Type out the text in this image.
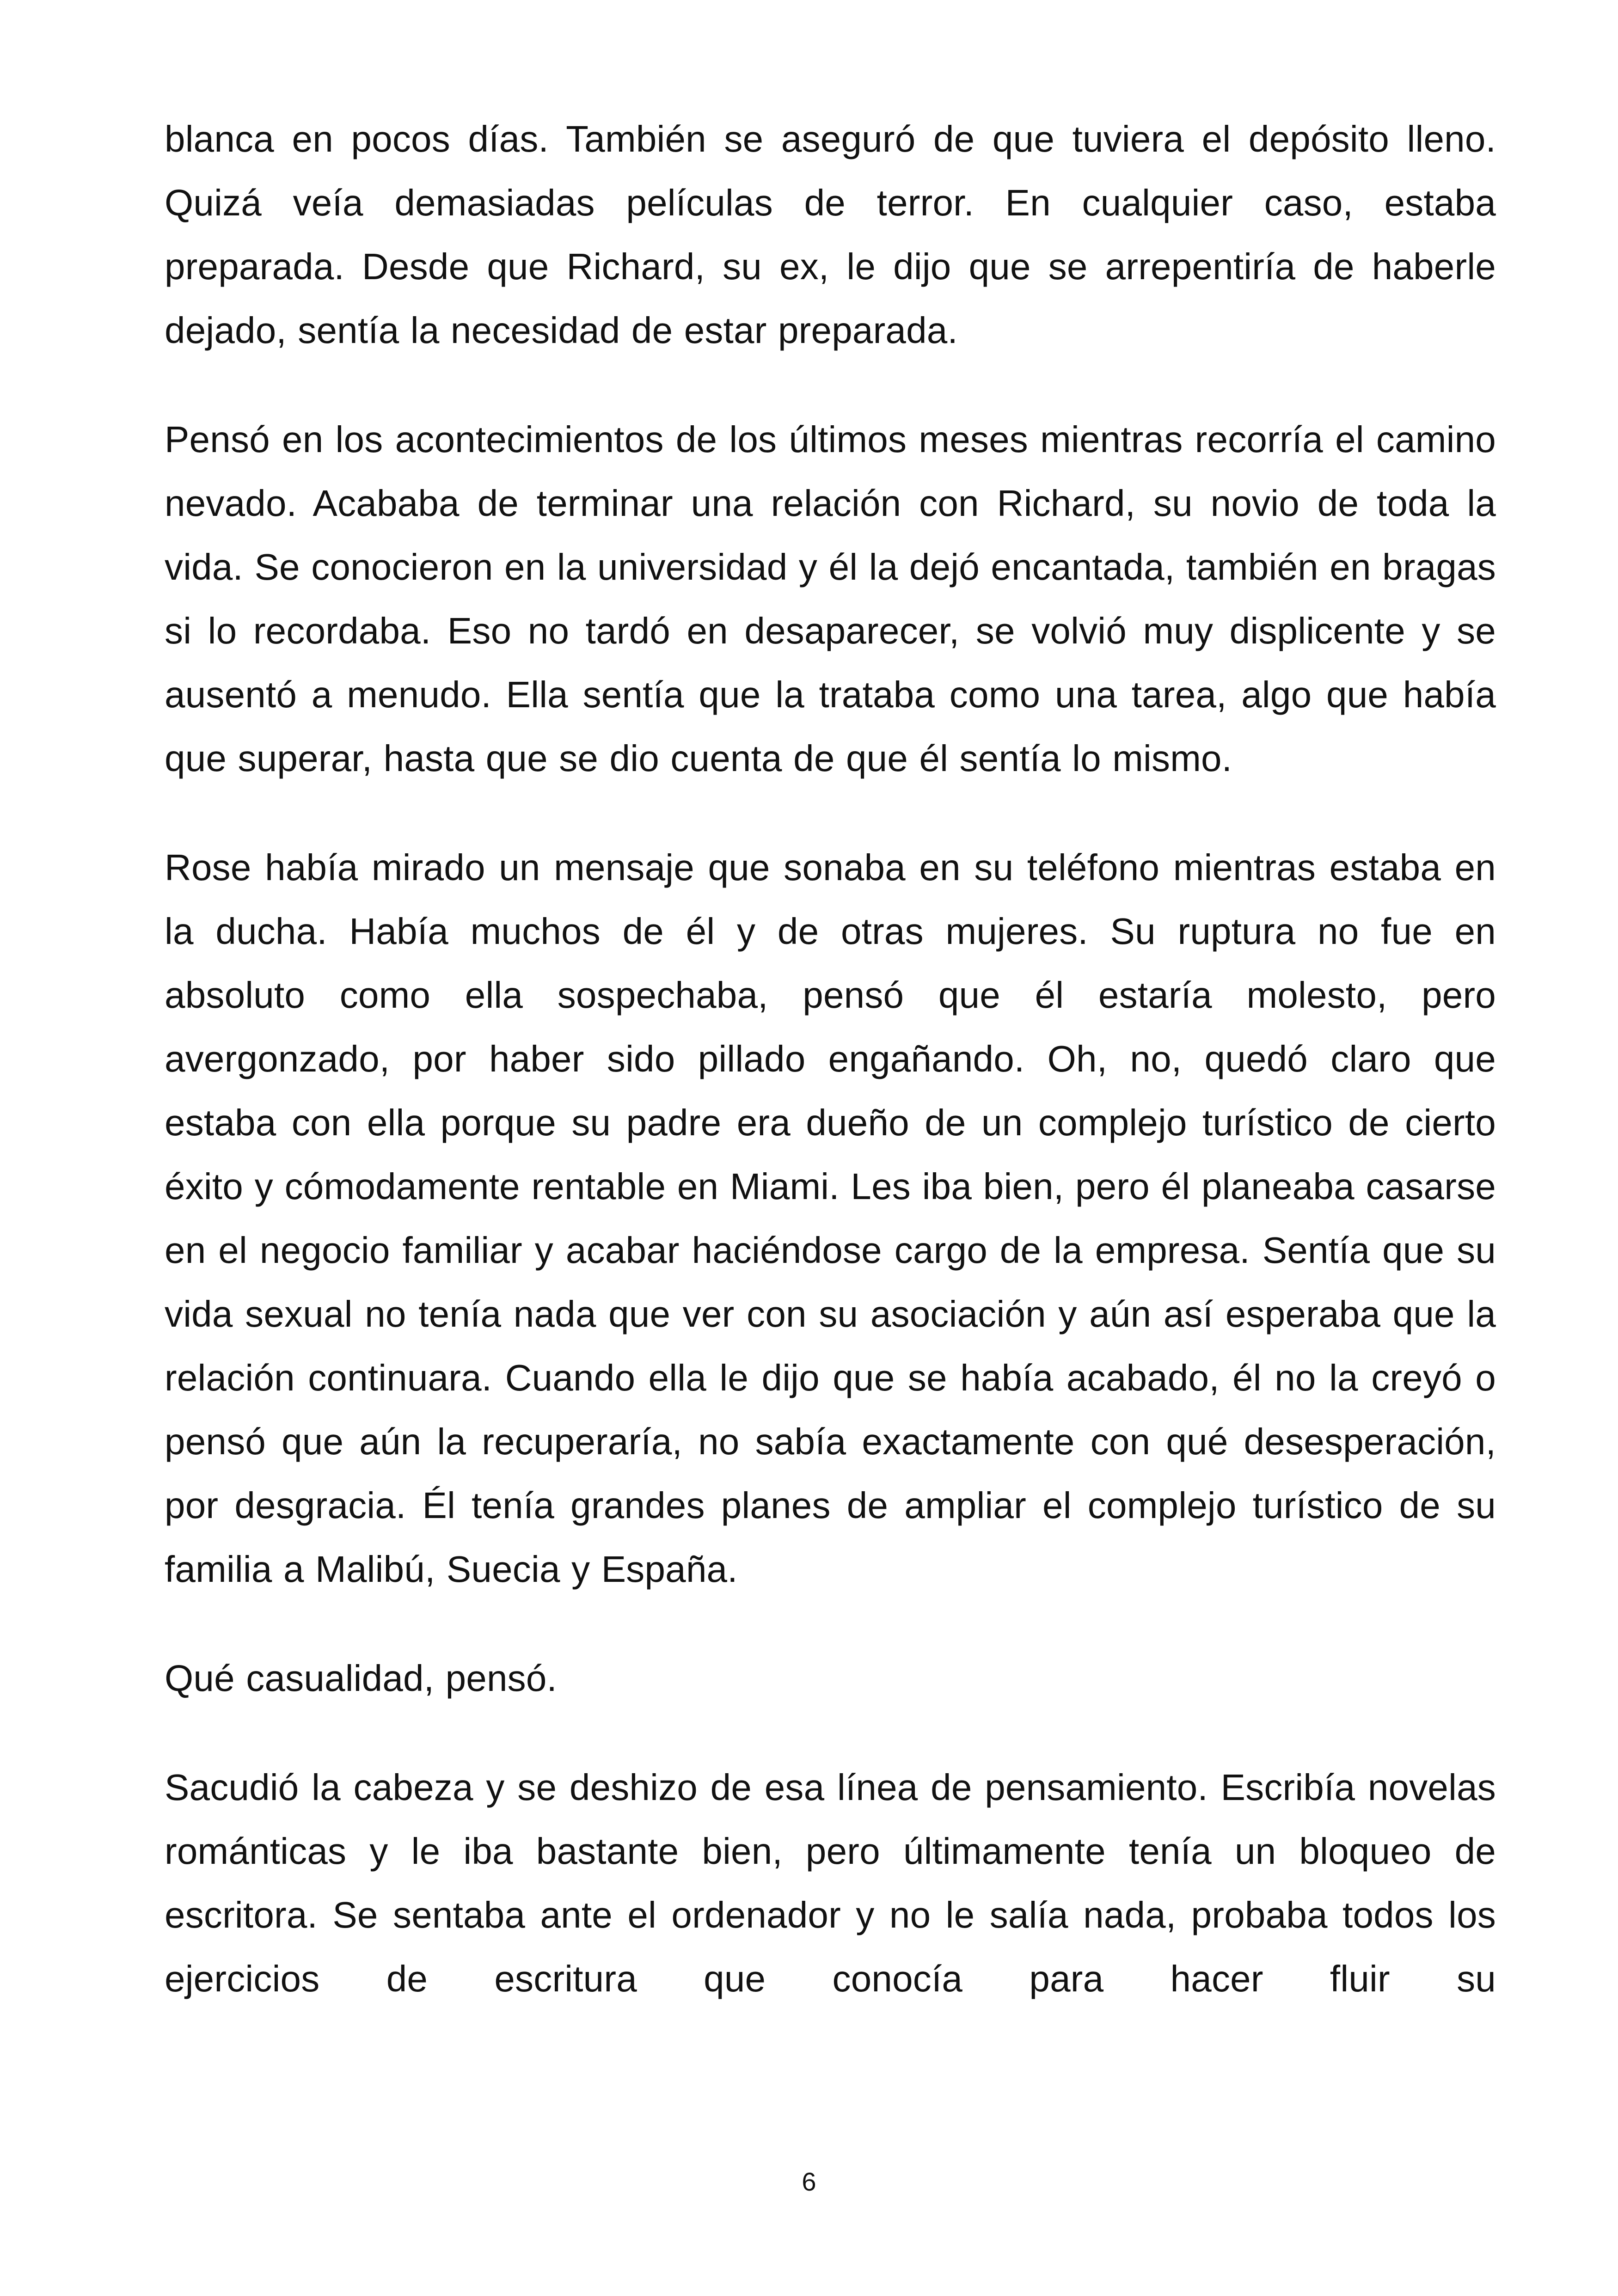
blanca en pocos días. También se aseguró de que tuviera el depósito lleno. Quizá veía demasiadas películas de terror. En cualquier caso, estaba preparada. Desde que Richard, su ex, le dijo que se arrepentiría de haberle dejado, sentía la necesidad de estar preparada.

Pensó en los acontecimientos de los últimos meses mientras recorría el camino nevado. Acababa de terminar una relación con Richard, su novio de toda la vida. Se conocieron en la universidad y él la dejó encantada, también en bragas si lo recordaba. Eso no tardó en desaparecer, se volvió muy displicente y se ausentó a menudo. Ella sentía que la trataba como una tarea, algo que había que superar, hasta que se dio cuenta de que él sentía lo mismo.

Rose había mirado un mensaje que sonaba en su teléfono mientras estaba en la ducha. Había muchos de él y de otras mujeres. Su ruptura no fue en absoluto como ella sospechaba, pensó que él estaría molesto, pero avergonzado, por haber sido pillado engañando. Oh, no, quedó claro que estaba con ella porque su padre era dueño de un complejo turístico de cierto éxito y cómodamente rentable en Miami. Les iba bien, pero él planeaba casarse en el negocio familiar y acabar haciéndose cargo de la empresa. Sentía que su vida sexual no tenía nada que ver con su asociación y aún así esperaba que la relación continuara. Cuando ella le dijo que se había acabado, él no la creyó o pensó que aún la recuperaría, no sabía exactamente con qué desesperación, por desgracia. Él tenía grandes planes de ampliar el complejo turístico de su familia a Malibú, Suecia y España.

Qué casualidad, pensó.

Sacudió la cabeza y se deshizo de esa línea de pensamiento. Escribía novelas románticas y le iba bastante bien, pero últimamente tenía un bloqueo de escritora. Se sentaba ante el ordenador y no le salía nada, probaba todos los ejercicios de escritura que conocía para hacer fluir su

6
